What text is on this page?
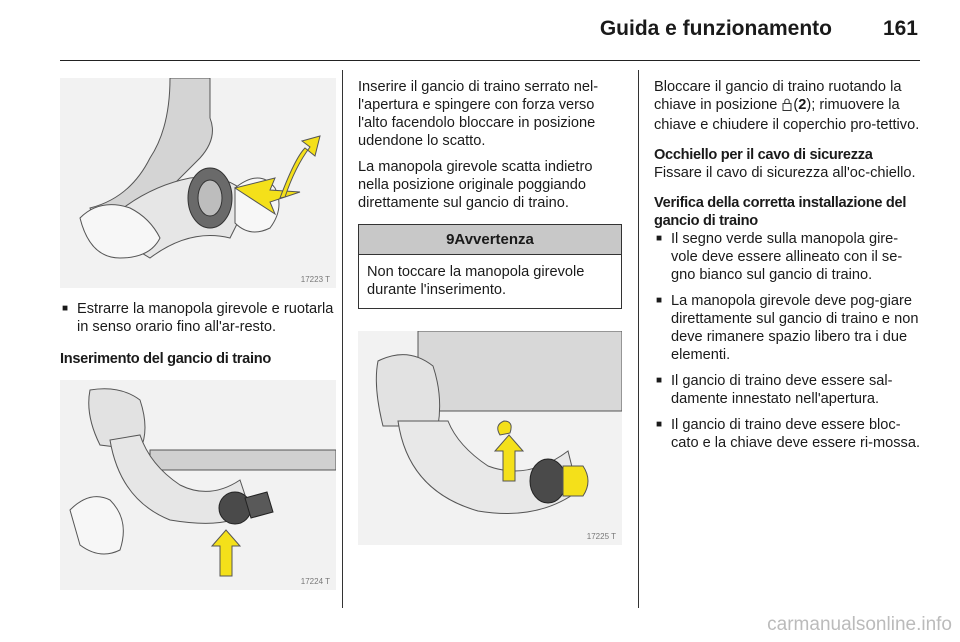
Guida e funzionamento 161
17223 T
■ Estrarre la manopola girevole e ruotarla in senso orario fino all'ar-resto.

Inserimento del gancio di traino

17224 T

Inserire il gancio di traino serrato nel-l'apertura e spingere con forza verso l'alto facendolo bloccare in posizione udendone lo scatto.

La manopola girevole scatta indietro nella posizione originale poggiando direttamente sul gancio di traino.

9Avvertenza

Non toccare la manopola girevole durante l'inserimento.

17225 T

Bloccare il gancio di traino ruotando la chiave in posizione (2); rimuovere la chiave e chiudere il coperchio pro-tettivo.

Occhiello per il cavo di sicurezza

Fissare il cavo di sicurezza all'oc-chiello.

Verifica della corretta installazione del gancio di traino

■ Il segno verde sulla manopola gire-vole deve essere allineato con il se-gno bianco sul gancio di traino.
■ La manopola girevole deve pog-giare direttamente sul gancio di traino e non deve rimanere spazio libero tra i due elementi.
■ Il gancio di traino deve essere sal-damente innestato nell'apertura.
■ Il gancio di traino deve essere bloc-cato e la chiave deve essere ri-mossa.
carmanualsonline.info
